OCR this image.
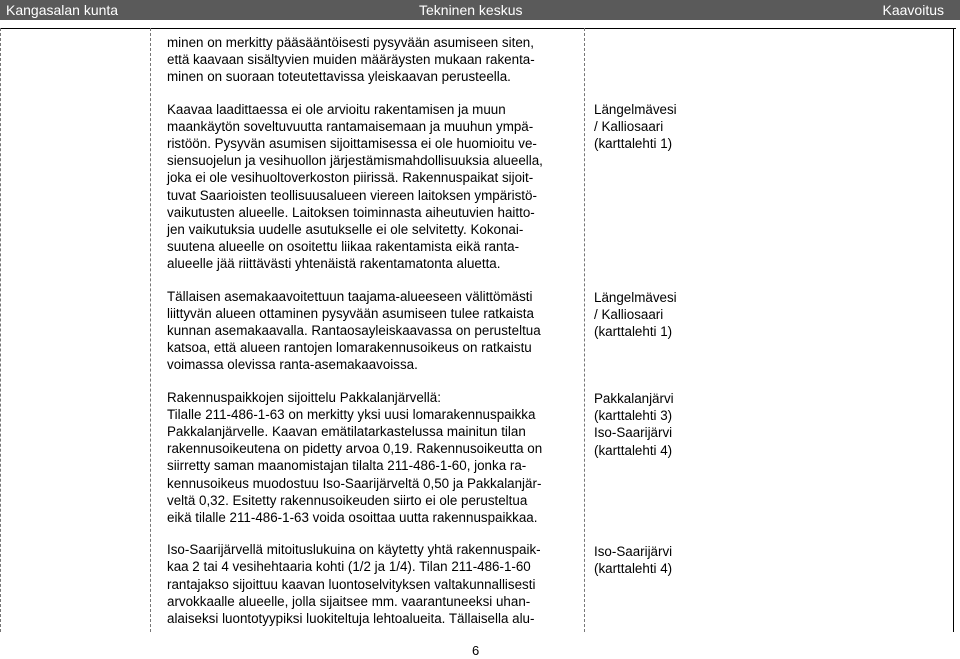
Kangasalan kunta	Tekninen keskus	Kaavoitus

minen on merkitty pääsääntöisesti pysyvään asumiseen siten,
että kaavaan sisältyvien muiden määräysten mukaan rakenta-
minen on suoraan toteutettavissa yleiskaavan perusteella.

Kaavaa laadittaessa ei ole arvioitu rakentamisen ja muun
maankäytön soveltuvuutta rantamaisemaan ja muuhun ympä-
ristöön. Pysyvän asumisen sijoittamisessa ei ole huomioitu ve-
siensuojelun ja vesihuollon järjestämismahdollisuuksia alueella,
joka ei ole vesihuoltoverkoston piirissä. Rakennuspaikat sijoit-
tuvat Saarioisten teollisuusalueen viereen laitoksen ympäristö-
vaikutusten alueelle. Laitoksen toiminnasta aiheutuvien haitto-
jen vaikutuksia uudelle asutukselle ei ole selvitetty. Kokonai-
suutena alueelle on osoitettu liikaa rakentamista eikä ranta-
alueelle jää riittävästi yhtenäistä rakentamatonta aluetta.

Tällaisen asemakaavoitettuun taajama-alueeseen välittömästi
liittyvän alueen ottaminen pysyvään asumiseen tulee ratkaista
kunnan asemakaavalla. Rantaosayleiskaavassa on perusteltua
katsoa, että alueen rantojen lomarakennusoikeus on ratkaistu
voimassa olevissa ranta-asemakaavoissa.

Rakennuspaikkojen sijoittelu Pakkalanjärvellä:
Tilalle 211-486-1-63 on merkitty yksi uusi lomarakennuspaikka
Pakkalanjärvelle. Kaavan emätilatarkastelussa mainitun tilan
rakennusoikeutena on pidetty arvoa 0,19. Rakennusoikeutta on
siirretty saman maanomistajan tilalta 211-486-1-60, jonka ra-
kennusoikeus muodostuu Iso-Saarijärveltä 0,50 ja Pakkalanjär-
veltä 0,32. Esitetty rakennusoikeuden siirto ei ole perusteltua
eikä tilalle 211-486-1-63 voida osoittaa uutta rakennuspaikkaa.

Iso-Saarijärvellä mitoituslukuina on käytetty yhtä rakennuspaik-
kaa 2 tai 4 vesihehtaaria kohti (1/2 ja 1/4). Tilan 211-486-1-60
rantajakso sijoittuu kaavan luontoselvityksen valtakunnallisesti
arvokkaalle alueelle, jolla sijaitsee mm. vaarantuneeksi uhan-
alaiseksi luontotyypiksi luokiteltuja lehtoalueita. Tällaisella alu-

Längelmävesi

/ Kalliosaari

(karttalehti 1)

Längelmävesi

/ Kalliosaari

(karttalehti 1)

Pakkalanjärvi

(karttalehti 3)

Iso-Saarijärvi

(karttalehti 4)

Iso-Saarijärvi

(karttalehti 4)

6
